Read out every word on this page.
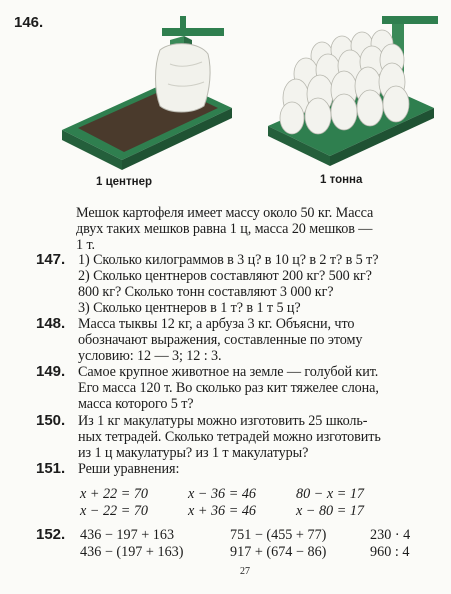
146.
1 центнер	1 тонна
Мешок картофеля имеет массу около 50 кг. Масса
двух таких мешков равна 1 ц, масса 20 мешков —
1 т.
147. 1) Сколько килограммов в 3 ц? в 10 ц? в 2 т? в 5 т?
2) Сколько центнеров составляют 200 кг? 500 кг?
800 кг? Сколько тонн составляют 3 000 кг?
3) Сколько центнеров в 1 т? в 1 т 5 ц?
148. Масса тыквы 12 кг, а арбуза 3 кг. Объясни, что
обозначают выражения, составленные по этому
условию: 12 — 3; 12 : 3.
149. Самое крупное животное на земле — голубой кит.
Его масса 120 т. Во сколько раз кит тяжелее слона,
масса которого 5 т?
150. Из 1 кг макулатуры можно изготовить 25 школь-
ных тетрадей. Сколько тетрадей можно изготовить
из 1 ц макулатуры? из 1 т макулатуры?
151. Реши уравнения:
x + 22 = 70	x − 36 = 46	80 − x = 17
x − 22 = 70	x + 36 = 46	x − 80 = 17
152. 436 − 197 + 163	751 − (455 + 77)	230 · 4
436 − (197 + 163)	917 + (674 − 86)	960 : 4
27
